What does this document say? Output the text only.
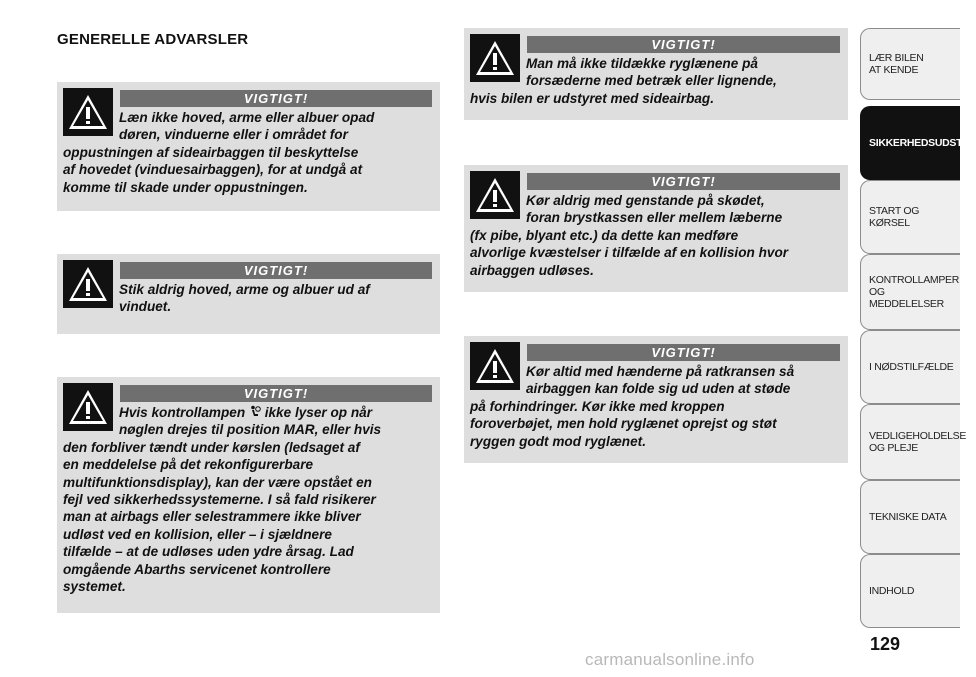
GENERELLE ADVARSLER
VIGTIGT!
Læn ikke hoved, arme eller albuer opad
døren, vinduerne eller i området for
oppustningen af sideairbaggen til beskyttelse
af hovedet (vinduesairbaggen), for at undgå at
komme til skade under oppustningen.
VIGTIGT!
Stik aldrig hoved, arme og albuer ud af
vinduet.
VIGTIGT!
Hvis kontrollampen ikke lyser op når
nøglen drejes til position MAR, eller hvis
den forbliver tændt under kørslen (ledsaget af
en meddelelse på det rekonfigurerbare
multifunktionsdisplay), kan der være opstået en
fejl ved sikkerhedssystemerne. I så fald risikerer
man at airbags eller selestrammere ikke bliver
udløst ved en kollision, eller – i sjældnere
tilfælde – at de udløses uden ydre årsag. Lad
omgående Abarths servicenet kontrollere
systemet.
VIGTIGT!
Man må ikke tildække ryglænene på
forsæderne med betræk eller lignende,
hvis bilen er udstyret med sideairbag.
VIGTIGT!
Kør aldrig med genstande på skødet,
foran brystkassen eller mellem læberne
(fx pibe, blyant etc.) da dette kan medføre
alvorlige kvæstelser i tilfælde af en kollision hvor
airbaggen udløses.
VIGTIGT!
Kør altid med hænderne på ratkransen så
airbaggen kan folde sig ud uden at støde
på forhindringer. Kør ikke med kroppen
foroverbøjet, men hold ryglænet oprejst og støt
ryggen godt mod ryglænet.
LÆR BILEN
AT KENDE
SIKKERHEDSUDSTYR
START OG KØRSEL
KONTROLLAMPER
OG MEDDELELSER
I NØDSTILFÆLDE
VEDLIGEHOLDELSE
OG PLEJE
TEKNISKE DATA
INDHOLD
129
carmanualsonline.info
